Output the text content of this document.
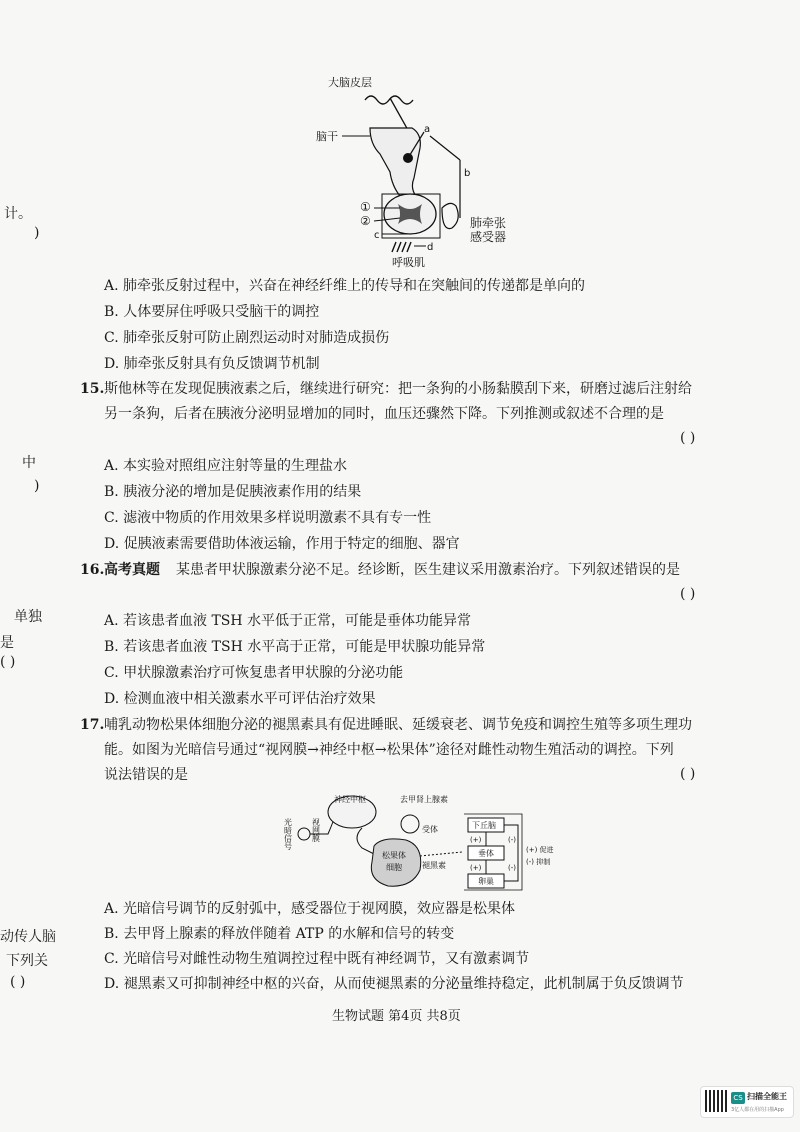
大脑皮层
脑干
a
b
①
②
c
d
呼吸肌
肺牵张
感受器
计。
)
中
)
单独
是
( )
动传人脑
下列关
( )
A. 肺牵张反射过程中，兴奋在神经纤维上的传导和在突触间的传递都是单向的
B. 人体要屏住呼吸只受脑干的调控
C. 肺牵张反射可防止剧烈运动时对肺造成损伤
D. 肺牵张反射具有负反馈调节机制
15. 斯他林等在发现促胰液素之后，继续进行研究：把一条狗的小肠黏膜刮下来，研磨过滤后注射给
另一条狗，后者在胰液分泌明显增加的同时，血压还骤然下降。下列推测或叙述不合理的是
( )
A. 本实验对照组应注射等量的生理盐水
B. 胰液分泌的增加是促胰液素作用的结果
C. 滤液中物质的作用效果多样说明激素不具有专一性
D. 促胰液素需要借助体液运输，作用于特定的细胞、器官
16. 高考真题 某患者甲状腺激素分泌不足。经诊断，医生建议采用激素治疗。下列叙述错误的是
( )
A. 若该患者血液 TSH 水平低于正常，可能是垂体功能异常
B. 若该患者血液 TSH 水平高于正常，可能是甲状腺功能异常
C. 甲状腺激素治疗可恢复患者甲状腺的分泌功能
D. 检测血液中相关激素水平可评估治疗效果
17. 哺乳动物松果体细胞分泌的褪黑素具有促进睡眠、延缓衰老、调节免疫和调控生殖等多项生理功
能。如图为光暗信号通过“视网膜→神经中枢→松果体”途径对雌性动物生殖活动的调控。下列
说法错误的是	( )
光暗信号 视网膜
神经中枢	去甲肾上腺素
受体
松果体
细胞	褪黑素
下丘脑
垂体
卵巢
(+)
(+)
(-)
(-)
(+) 促进
(-) 抑制
A. 光暗信号调节的反射弧中，感受器位于视网膜，效应器是松果体
B. 去甲肾上腺素的释放伴随着 ATP 的水解和信号的转变
C. 光暗信号对雌性动物生殖调控过程中既有神经调节，又有激素调节
D. 褪黑素又可抑制神经中枢的兴奋，从而使褪黑素的分泌量维持稳定，此机制属于负反馈调节
生物试题 第4页 共8页
CS 扫描全能王
3亿人都在用的扫描App
